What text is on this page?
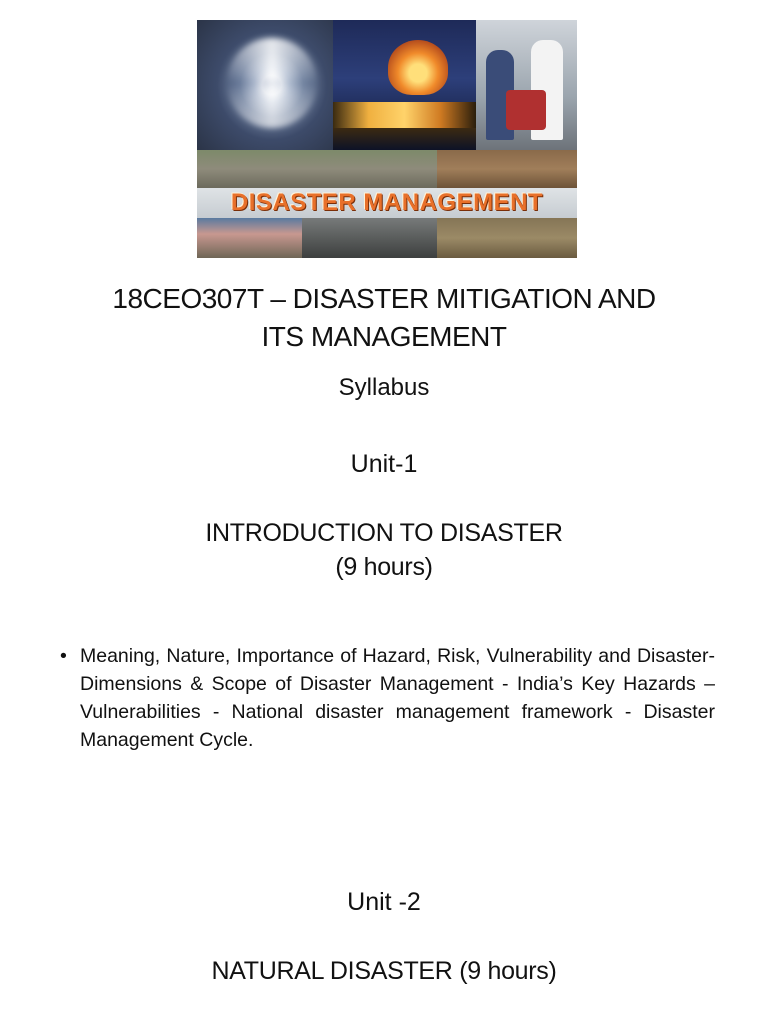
DISASTER MANAGEMENT
18CEO307T – DISASTER MITIGATION AND
ITS MANAGEMENT
Syllabus
Unit-1
INTRODUCTION TO DISASTER
(9 hours)
• Meaning, Nature, Importance of Hazard, Risk, Vulnerability and Disaster- Dimensions & Scope of Disaster Management - India’s Key Hazards – Vulnerabilities - National disaster management framework - Disaster Management Cycle.
Unit -2
NATURAL DISASTER (9 hours)
